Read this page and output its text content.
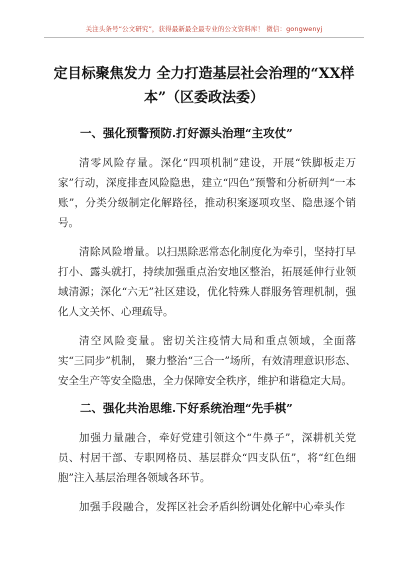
关注头条号“公文研究”，获得最新最全最专业的公文资料库！ 微信：gongwenyj
定目标聚焦发力 全力打造基层社会治理的“XX样本”（区委政法委）
一、强化预警预防.打好源头治理“主攻仗”

清零风险存量。深化“四项机制”建设，开展“铁脚板走万家”行动，深度排查风险隐患，建立“四色”预警和分析研判“一本账”，分类分级制定化解路径，推动积案逐项攻坚、隐患逐个销号。

清除风险增量。以扫黑除恶常态化制度化为牵引，坚持打早打小、露头就打，持续加强重点治安地区整治，拓展延伸行业领域清源；深化“六无”社区建设，优化特殊人群服务管理机制，强化人文关怀、心理疏导。

清空风险变量。密切关注疫情大局和重点领域，全面落实“三同步”机制， 聚力整治“三合一”场所，有效清理意识形态、安全生产等安全隐患，全力保障安全秩序，维护和谐稳定大局。

二、强化共治思维.下好系统治理“先手棋”

加强力量融合，牵好党建引领这个“牛鼻子”，深耕机关党员、村居干部、专职网格员、基层群众“四支队伍”，将“红色细胞”注入基层治理各领域各环节。

加强手段融合，发挥区社会矛盾纠纷调处化解中心牵头作
